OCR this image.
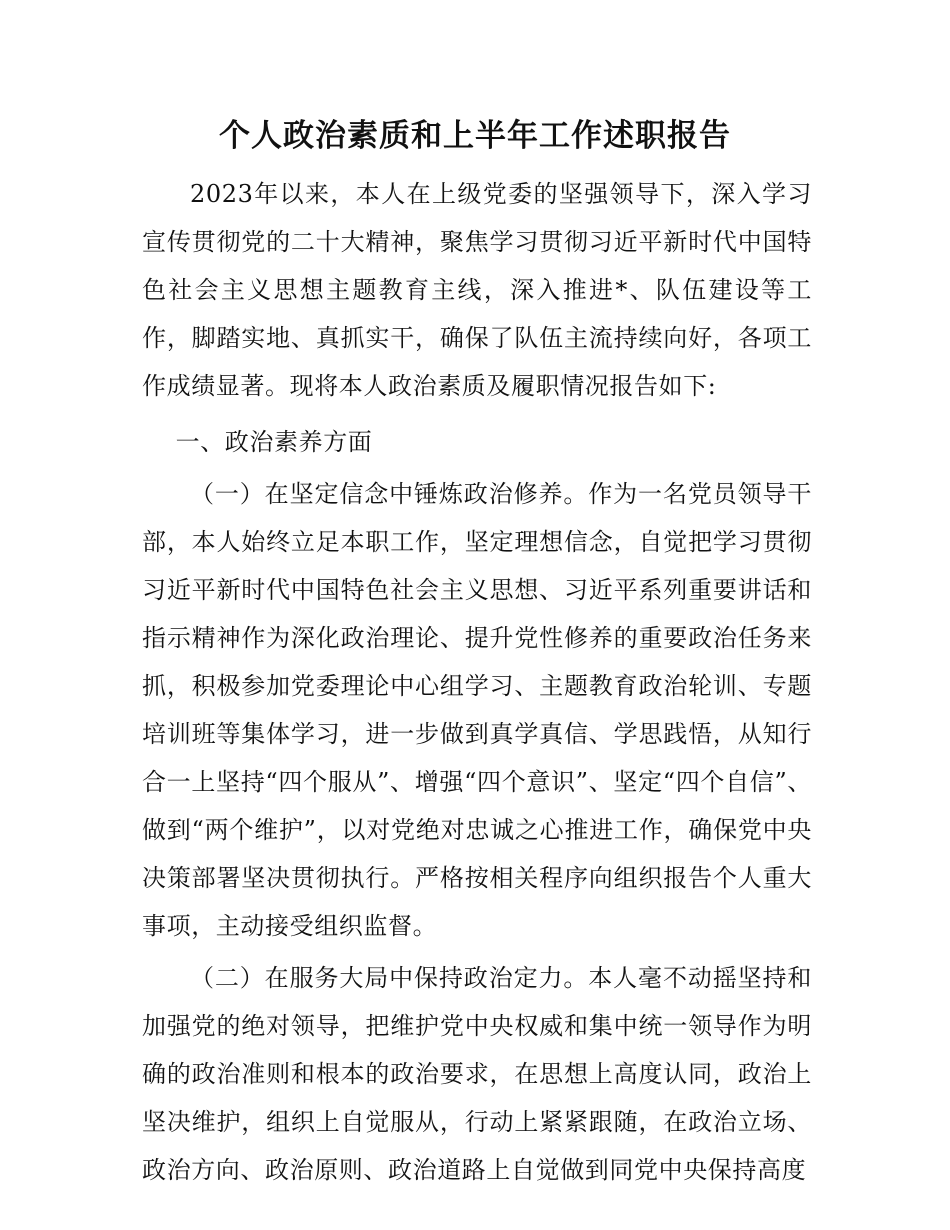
个人政治素质和上半年工作述职报告

2023年以来，本人在上级党委的坚强领导下，深入学习宣传贯彻党的二十大精神，聚焦学习贯彻习近平新时代中国特色社会主义思想主题教育主线，深入推进*、队伍建设等工作，脚踏实地、真抓实干，确保了队伍主流持续向好，各项工作成绩显著。现将本人政治素质及履职情况报告如下:

一、政治素养方面

（一）在坚定信念中锤炼政治修养。作为一名党员领导干部，本人始终立足本职工作，坚定理想信念，自觉把学习贯彻习近平新时代中国特色社会主义思想、习近平系列重要讲话和指示精神作为深化政治理论、提升党性修养的重要政治任务来抓，积极参加党委理论中心组学习、主题教育政治轮训、专题培训班等集体学习，进一步做到真学真信、学思践悟，从知行合一上坚持“四个服从”、增强“四个意识”、坚定“四个自信”、做到“两个维护”，以对党绝对忠诚之心推进工作，确保党中央决策部署坚决贯彻执行。严格按相关程序向组织报告个人重大事项，主动接受组织监督。

（二）在服务大局中保持政治定力。本人毫不动摇坚持和加强党的绝对领导，把维护党中央权威和集中统一领导作为明确的政治准则和根本的政治要求，在思想上高度认同，政治上坚决维护，组织上自觉服从，行动上紧紧跟随，在政治立场、政治方向、政治原则、政治道路上自觉做到同党中央保持高度
